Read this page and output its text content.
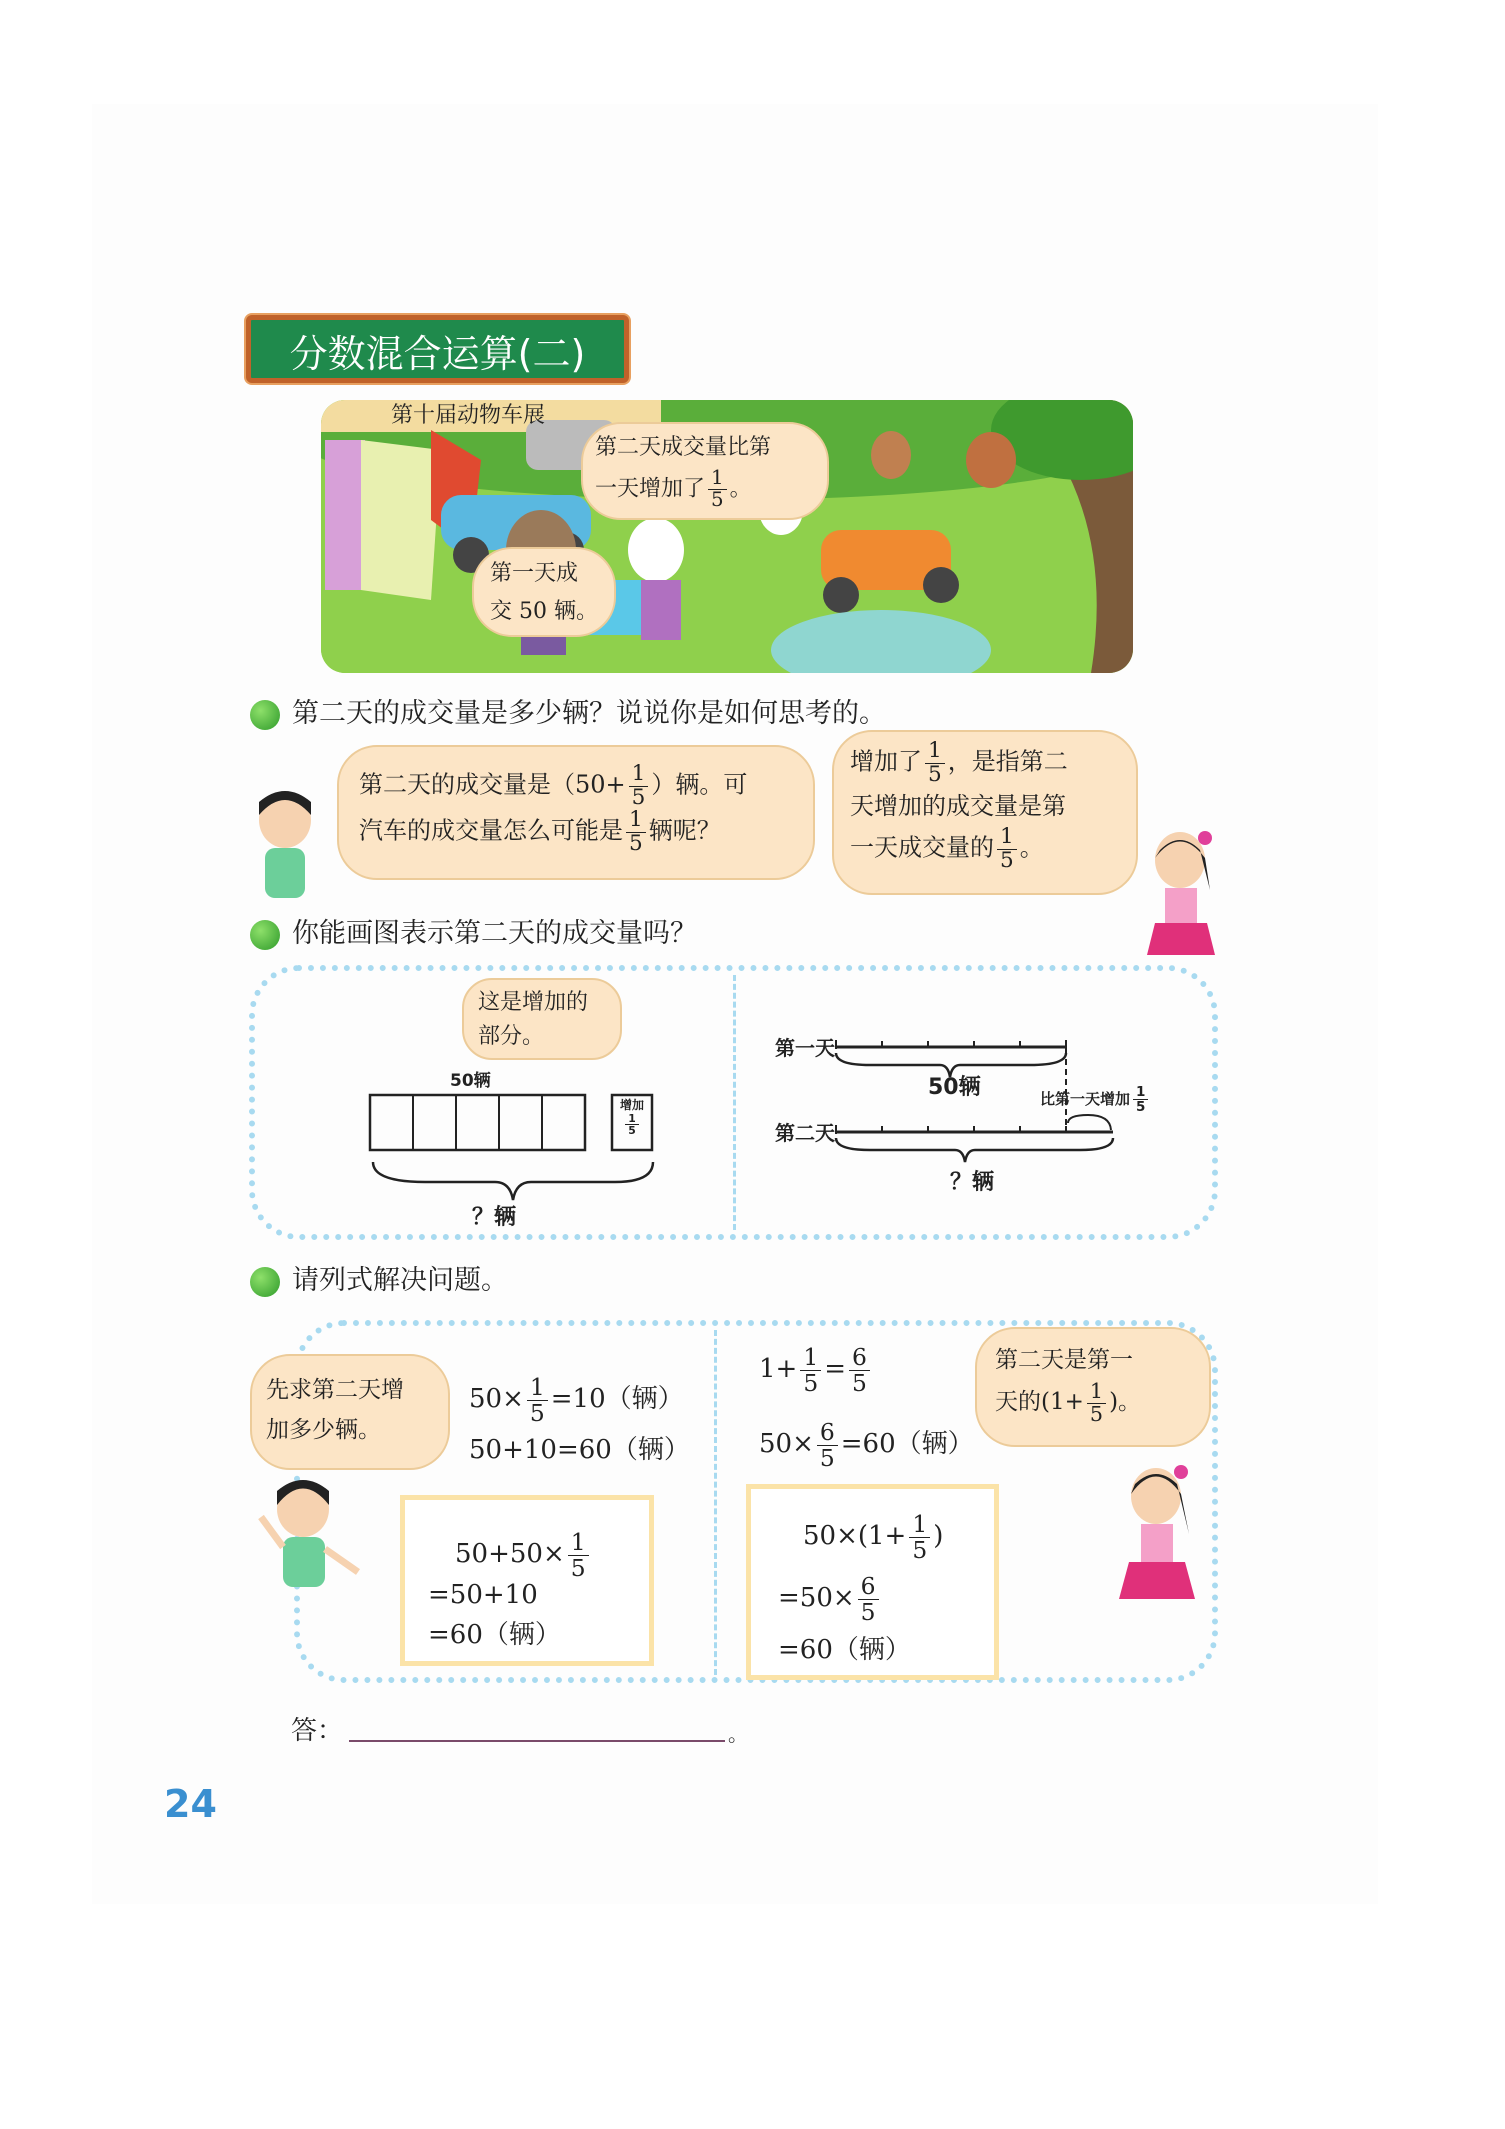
分数混合运算(二)
第十届动物车展
第二天成交量比第
一天增加了 $\frac{1}{5}$ 。
第一天成
交 50 辆。
第二天的成交量是多少辆？说说你是如何思考的。
第二天的成交量是（$50+ \frac{1}{5}$ ）辆。可
汽车的成交量怎么可能是 $\frac{1}{5}$ 辆呢？
增加了 $\frac{1}{5}$ ，是指第二
天增加的成交量是第
一天成交量的 $\frac{1}{5}$ 。
你能画图表示第二天的成交量吗？
这是增加的
部分。
50辆
增加
$\frac{1}{5}$
？辆
第一天
第二天
50辆	比第一天增加 $\frac{1}{5}$
？辆
请列式解决问题。
先求第二天增
加多少辆。
$50\times \frac{1}{5} =10$（辆）
50+10=60（辆）
$50+50\times \frac{1}{5}$
=50+10
=60（辆）
$1+ \frac{1}{5} = \frac{6}{5}$
$50\times \frac{6}{5} =60$（辆）
$50\times(1+ \frac{1}{5}$ )
$=50\times \frac{6}{5}$
=60（辆）
第二天是第一
天的($1+ \frac{1}{5}$ )。
答：	。
24
